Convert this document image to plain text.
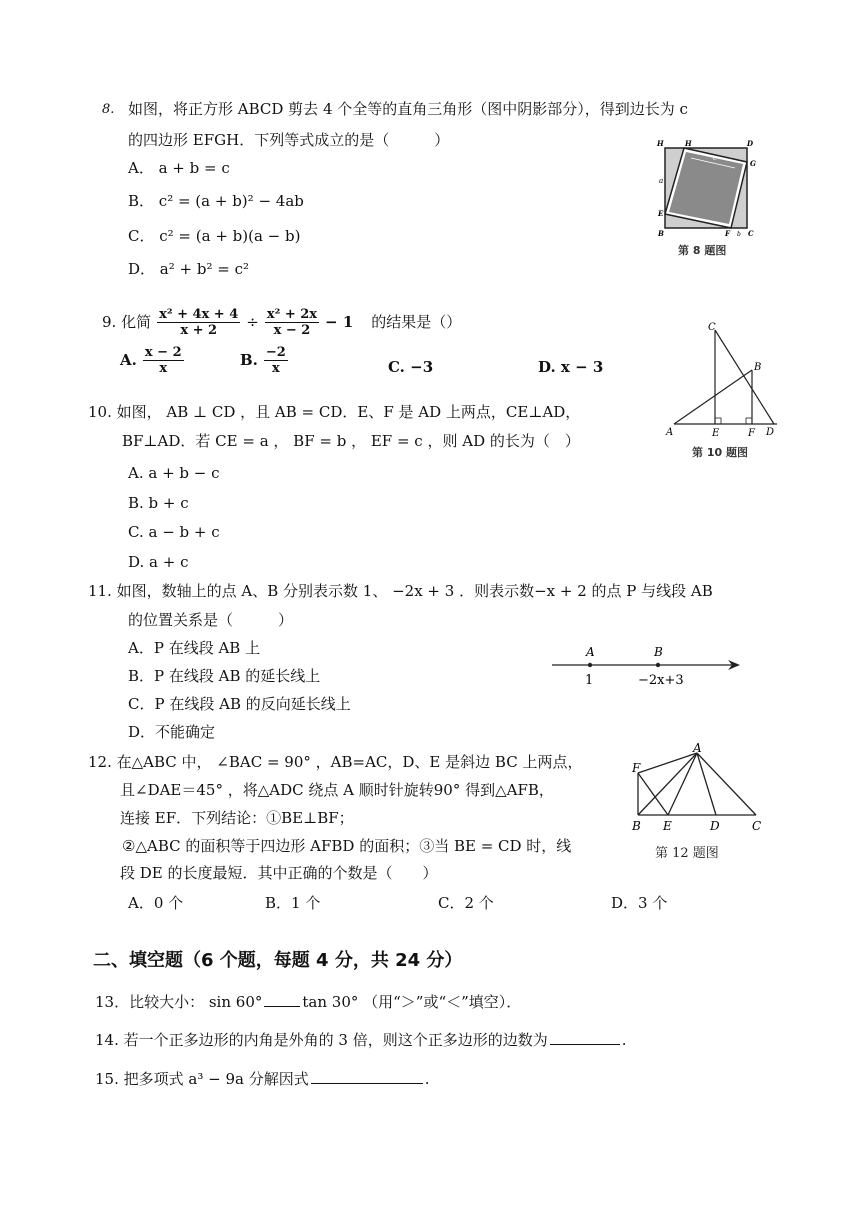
8. 如图，将正方形 ABCD 剪去 4 个全等的直角三角形（图中阴影部分），得到边长为 c
的四边形 EFGH．下列等式成立的是（　　　）
A． a + b = c
B． c² = (a + b)² − 4ab
C． c² = (a + b)(a − b)
D． a² + b² = c²
H	H	D
G
c
a
E
B	F b C
第 8 题图
9. 化简 $\frac{\text{x² + 4x + 4}}{x + 2} \div \frac{\text{x² + 2x}}{x - 2} - 1$ 的结果是（）
A. $\frac{x - 2}{x}$	B. $\frac{-2}{x}$	C. −3	D. x − 3
10. 如图， AB ⊥ CD ，且 AB = CD．E、F 是 AD 上两点，CE⊥AD，
BF⊥AD．若 CE = a ， BF = b ， EF = c ，则 AD 的长为（　）
A. a + b − c
B. b + c
C. a − b + c
D. a + c
C
B
A	E	F D
第 10 题图
11. 如图，数轴上的点 A、B 分别表示数 1、 −2x + 3 ．则表示数−x + 2 的点 P 与线段 AB
的位置关系是（　　　）
A．P 在线段 AB 上
B．P 在线段 AB 的延长线上
C．P 在线段 AB 的反向延长线上
D．不能确定
A	B
1	−2x+3
12. 在△ABC 中， ∠BAC = 90° ，AB=AC，D、E 是斜边 BC 上两点，
且∠DAE＝45° ，将△ADC 绕点 A 顺时针旋转90° 得到△AFB，
连接 EF．下列结论：①BE⊥BF；
②△ABC 的面积等于四边形 AFBD 的面积；③当 BE = CD 时，线
段 DE 的长度最短．其中正确的个数是（　　）
A．0 个	B．1 个	C．2 个	D．3 个
A
F
B E	D	C
第 12 题图
二、填空题（6 个题，每题 4 分，共 24 分）
13．比较大小： sin 60°	tan 30° （用“＞”或“＜”填空）．
14. 若一个正多边形的内角是外角的 3 倍，则这个正多边形的边数为	.
15. 把多项式 a³ − 9a 分解因式	.
